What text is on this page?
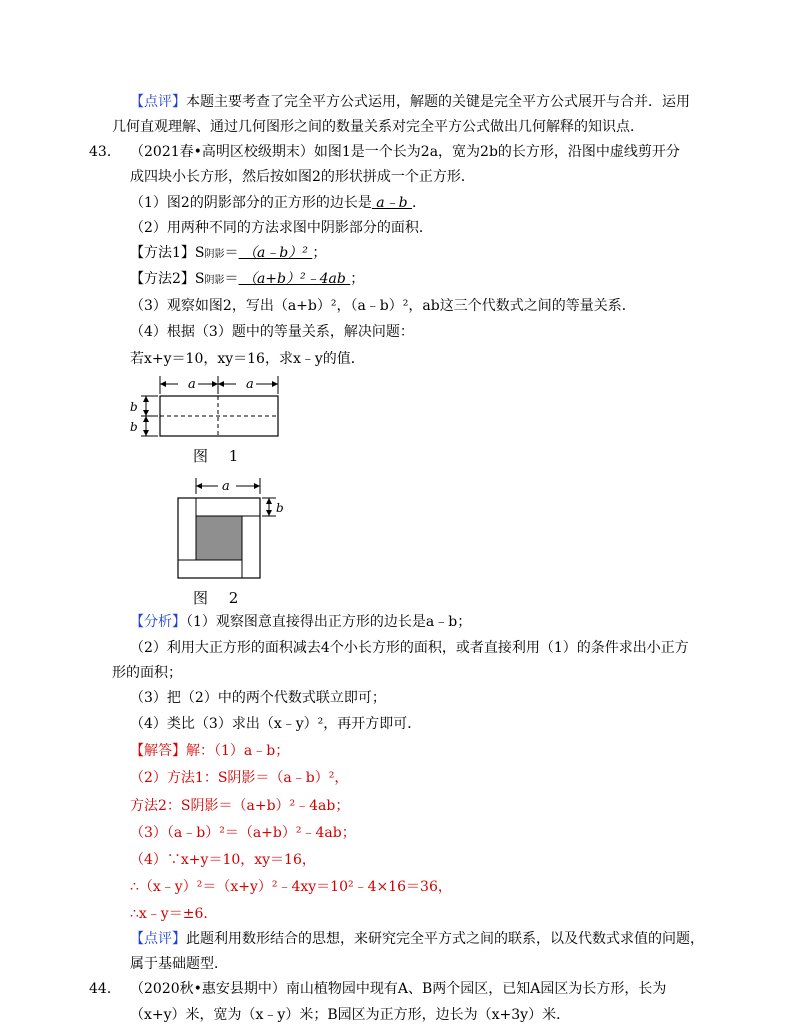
【点评】本题主要考查了完全平方公式运用，解题的关键是完全平方公式展开与合并．运用
几何直观理解、通过几何图形之间的数量关系对完全平方公式做出几何解释的知识点．
43． （2021春•高明区校级期末）如图1是一个长为2a，宽为2b的长方形，沿图中虚线剪开分
成四块小长方形，然后按如图2的形状拼成一个正方形．
（1）图2的阴影部分的正方形的边长是 a﹣b ．
（2）用两种不同的方法求图中阴影部分的面积．
【方法1】S阴影＝ （a﹣b）² ；
【方法2】S阴影＝ （a+b）²﹣4ab ；
（3）观察如图2，写出（a+b）²，（a﹣b）²，ab这三个代数式之间的等量关系．
（4）根据（3）题中的等量关系，解决问题：
若x+y＝10，xy＝16，求x﹣y的值．
a	a
b
b
图 1
a
b
图 2
【分析】（1）观察图意直接得出正方形的边长是a﹣b；
（2）利用大正方形的面积减去4个小长方形的面积，或者直接利用（1）的条件求出小正方
形的面积；
（3）把（2）中的两个代数式联立即可；
（4）类比（3）求出（x﹣y）²，再开方即可．
【解答】解：（1）a﹣b；
（2）方法1：S阴影＝（a﹣b）²，
方法2：S阴影＝（a+b）²﹣4ab；
（3）（a﹣b）²＝（a+b）²﹣4ab；
（4）∵x+y＝10，xy＝16，
∴（x﹣y）²＝（x+y）²﹣4xy＝10²﹣4×16＝36，
∴x﹣y＝±6．
【点评】此题利用数形结合的思想，来研究完全平方式之间的联系，以及代数式求值的问题，
属于基础题型．
44． （2020秋•惠安县期中）南山植物园中现有A、B两个园区，已知A园区为长方形，长为
（x+y）米，宽为（x﹣y）米；B园区为正方形，边长为（x+3y）米．
